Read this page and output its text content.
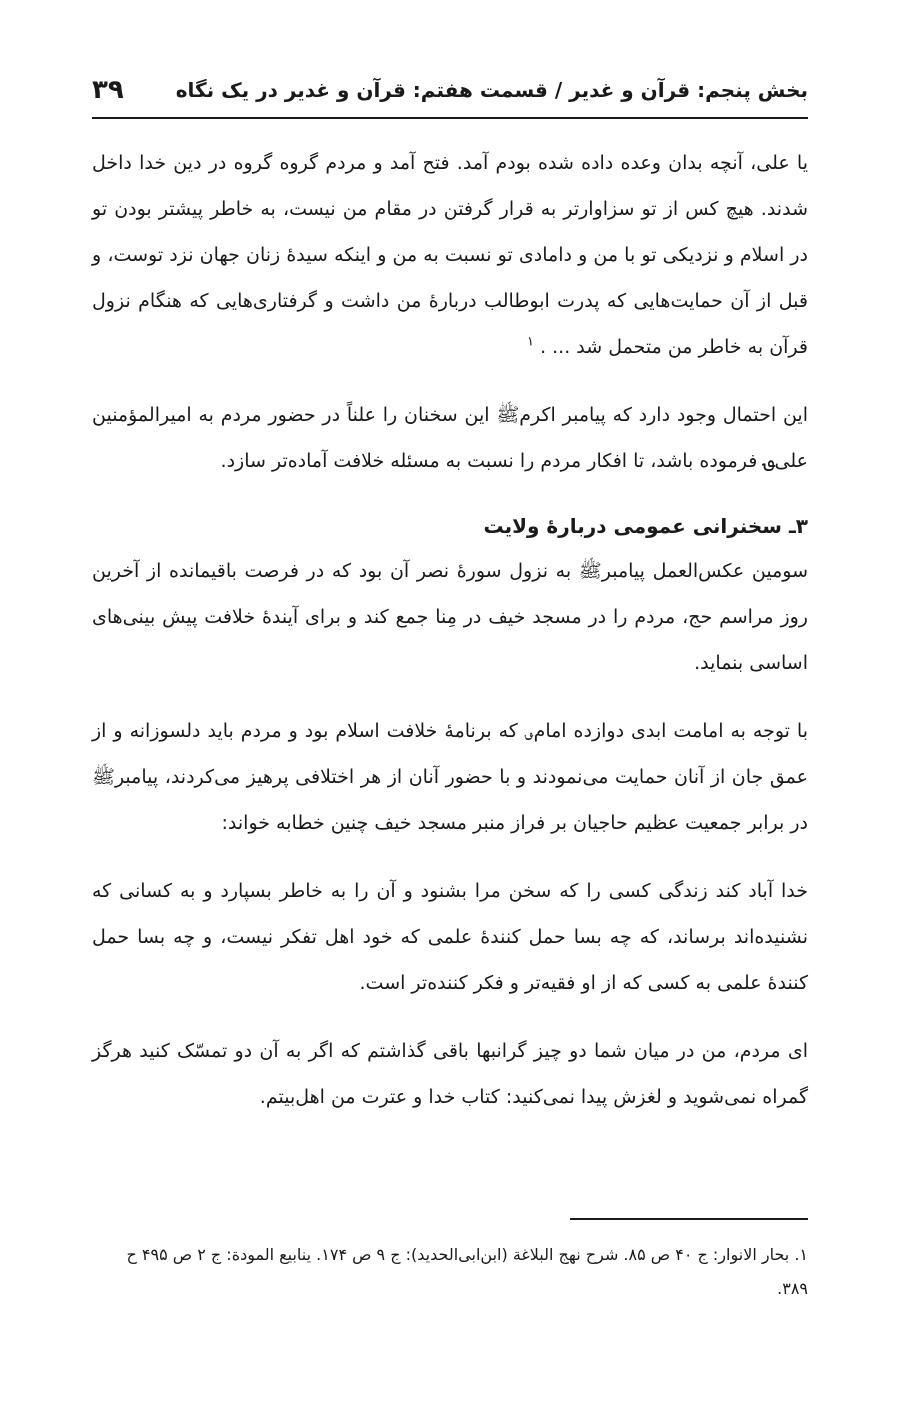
بخش پنجم: قرآن و غدیر / قسمت هفتم: قرآن و غدیر در یک نگاه
۳۹

یا علی، آنچه بدان وعده داده شده بودم آمد. فتح آمد و مردم گروه گروه در دین خدا داخل شدند. هیچ کس از تو سزاوارتر به قرار گرفتن در مقام من نیست، به خاطر پیشتر بودن تو در اسلام و نزدیکی تو با من و دامادی تو نسبت به من و اینکه سیدهٔ زنان جهان نزد توست، و قبل از آن حمایت‌هایی که پدرت ابوطالب دربارهٔ من داشت و گرفتاری‌هایی که هنگام نزول قرآن به خاطر من متحمل شد ... . $^۱$

این احتمال وجود دارد که پیامبر اکرمﷺ این سخنان را علناً در حضور مردم به امیرالمؤمنین علی؈ فرموده باشد، تا افکار مردم را نسبت به مسئله خلافت آماده‌تر سازد.

۳ـ سخنرانی عمومی دربارهٔ ولایت

سومین عکس‌العمل پیامبرﷺ به نزول سورهٔ نصر آن بود که در فرصت باقیمانده از آخرین روز مراسم حج، مردم را در مسجد خیف در مِنا جمع کند و برای آیندهٔ خلافت پیش بینی‌های اساسی بنماید.

با توجه به امامت ابدی دوازده امام؈ که برنامهٔ خلافت اسلام بود و مردم باید دلسوزانه و از عمق جان از آنان حمایت می‌نمودند و با حضور آنان از هر اختلافی پرهیز می‌کردند، پیامبرﷺ در برابر جمعیت عظیم حاجیان بر فراز منبر مسجد خیف چنین خطابه خواند:

خدا آباد کند زندگی کسی را که سخن مرا بشنود و آن را به خاطر بسپارد و به کسانی که نشنیده‌اند برساند، که چه بسا حمل کنندهٔ علمی که خود اهل تفکر نیست، و چه بسا حمل کنندهٔ علمی به کسی که از او فقیه‌تر و فکر کننده‌تر است.

ای مردم، من در میان شما دو چیز گرانبها باقی گذاشتم که اگر به آن دو تمسّک کنید هرگز گمراه نمی‌شوید و لغزش پیدا نمی‌کنید: کتاب خدا و عترت من اهل‌بیتم.

۱. بحار الانوار: ج ۴۰ ص ۸۵. شرح نهج البلاغة (ابن‌ابی‌الحدید): ج ۹ ص ۱۷۴. ینابیع المودة: ج ۲ ص ۴۹۵ ح ۳۸۹.
